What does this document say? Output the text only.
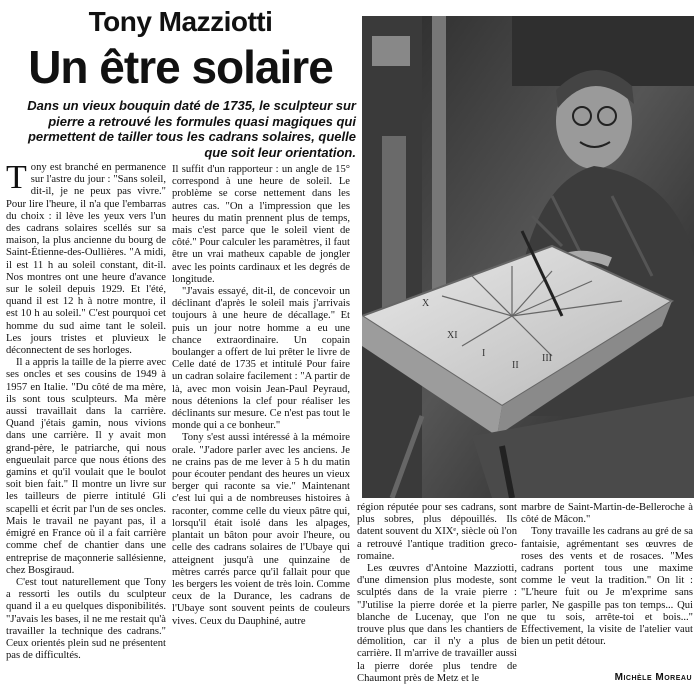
Tony Mazziotti
Un être solaire
Dans un vieux bouquin daté de 1735, le sculpteur sur pierre a retrouvé les formules quasi magiques qui permettent de tailler tous les cadrans solaires, quelle que soit leur orientation.
X
XI
I
II
III

Tony est branché en permanence sur l'astre du jour : "Sans soleil, dit-il, je ne peux pas vivre." Pour lire l'heure, il n'a que l'embarras du choix : il lève les yeux vers l'un des cadrans solaires scellés sur sa maison, la plus ancienne du bourg de Saint-Étienne-des-Oullières. "A midi, il est 11 h au soleil constant, dit-il. Nos montres ont une heure d'avance sur le soleil depuis 1929. Et l'été, quand il est 12 h à notre montre, il est 10 h au soleil." C'est pourquoi cet homme du sud aime tant le soleil. Les jours tristes et pluvieux le déconnectent de ses horloges.

Il a appris la taille de la pierre avec ses oncles et ses cousins de 1949 à 1957 en Italie. "Du côté de ma mère, ils sont tous sculpteurs. Ma mère aussi travaillait dans la carrière. Quand j'étais gamin, nous vivions dans une carrière. Il y avait mon grand-père, le patriarche, qui nous engueulait parce que nous étions des gamins et qu'il voulait que le boulot soit bien fait." Il montre un livre sur les tailleurs de pierre intitulé Gli scapelli et écrit par l'un de ses oncles. Mais le travail ne payant pas, il a émigré en France où il a fait carrière comme chef de chantier dans une entreprise de maçonnerie sallésienne, chez Bosgiraud.

C'est tout naturellement que Tony a ressorti les outils du sculpteur quand il a eu quelques disponibilités. "J'avais les bases, il ne me restait qu'à travailler la technique des cadrans." Ceux orientés plein sud ne présentent pas de difficultés.

Il suffit d'un rapporteur : un angle de 15° correspond à une heure de soleil. Le problème se corse nettement dans les autres cas. "On a l'impression que les heures du matin prennent plus de temps, mais c'est parce que le soleil vient de côté." Pour calculer les paramètres, il faut être un vrai matheux capable de jongler avec les points cardinaux et les degrés de longitude.

"J'avais essayé, dit-il, de concevoir un déclinant d'après le soleil mais j'arrivais toujours à une heure de décallage." Et puis un jour notre homme a eu une chance extraordinaire. Un copain boulanger a offert de lui prêter le livre de Celle daté de 1735 et intitulé Pour faire un cadran solaire facilement : "A partir de là, avec mon voisin Jean-Paul Peyraud, nous détenions la clef pour réaliser les déclinants sur mesure. Ce n'est pas tout le monde qui a ce bonheur."

Tony s'est aussi intéressé à la mémoire orale. "J'adore parler avec les anciens. Je ne crains pas de me lever à 5 h du matin pour écouter pendant des heures un vieux berger qui raconte sa vie." Maintenant c'est lui qui a de nombreuses histoires à raconter, comme celle du vieux pâtre qui, lorsqu'il était isolé dans les alpages, plantait un bâton pour avoir l'heure, ou celle des cadrans solaires de l'Ubaye qui atteignent jusqu'à une quinzaine de mètres carrés parce qu'il fallait pour que les bergers les voient de très loin. Comme ceux de la Durance, les cadrans de l'Ubaye sont souvent peints de couleurs vives. Ceux du Dauphiné, autre

région réputée pour ses cadrans, sont plus sobres, plus dépouillés. Ils datent souvent du XIXᵉ, siècle où l'on a retrouvé l'antique tradition greco-romaine.

Les œuvres d'Antoine Mazziotti, d'une dimension plus modeste, sont sculptés dans de la vraie pierre : "J'utilise la pierre dorée et la pierre blanche de Lucenay, que l'on ne trouve plus que dans les chantiers de démolition, car il n'y a plus de carrière. Il m'arrive de travailler aussi la pierre dorée plus tendre de Chaumont près de Metz et le

marbre de Saint-Martin-de-Belleroche à côté de Mâcon."

Tony travaille les cadrans au gré de sa fantaisie, agrémentant ses œuvres de roses des vents et de rosaces. "Mes cadrans portent tous une maxime comme le veut la tradition." On lit : "L'heure fuit ou Je m'exprime sans parler, Ne gaspille pas ton temps... Qui que tu sois, arrête-toi et bois..." Effectivement, la visite de l'atelier vaut bien un petit détour.

Michèle Moreau
